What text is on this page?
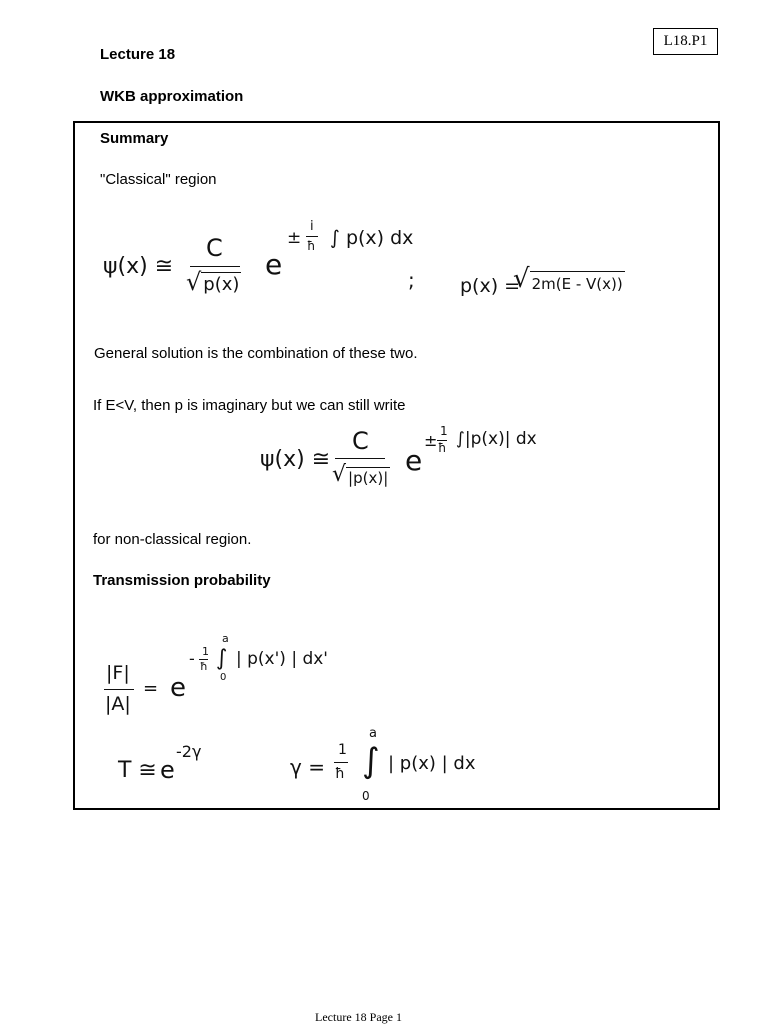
L18.P1
Lecture 18
WKB approximation
Summary
"Classical" region
ψ(x) ≅
C
√ p(x)
e
±
i
ħ ∫ p(x) dx
; p(x) =
√ 2m(E - V(x))
General solution is the combination of these two.
If E<V, then p is imaginary but we can still write
ψ(x) ≅
C
√ |p(x)|
e
± 1
ħ ∫|p(x)| dx
for non-classical region.
Transmission probability
|F|
|A|
= e
- 1
ħ ∫
a
0
| p(x') | dx'
T ≅ e
-2γ
γ =
1
ħ ∫
a
0
| p(x) | dx
Lecture 18 Page 1
